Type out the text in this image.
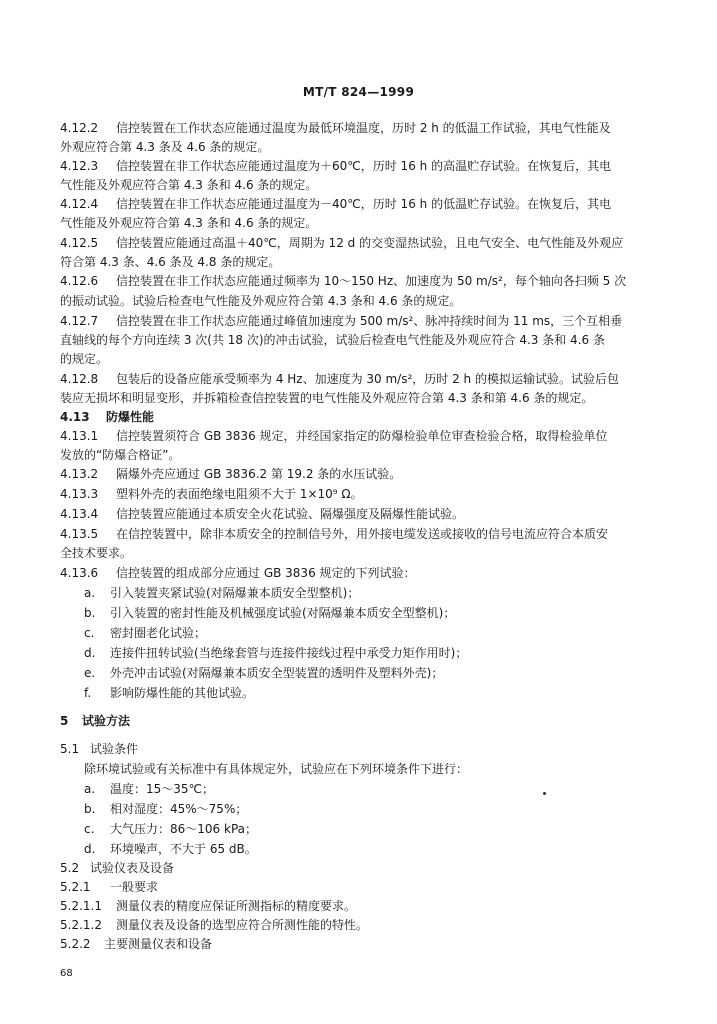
MT/T 824—1999
4.12.2 信控装置在工作状态应能通过温度为最低环境温度，历时 2 h 的低温工作试验，其电气性能及
外观应符合第 4.3 条及 4.6 条的规定。
4.12.3 信控装置在非工作状态应能通过温度为＋60℃，历时 16 h 的高温贮存试验。在恢复后，其电
气性能及外观应符合第 4.3 条和 4.6 条的规定。
4.12.4 信控装置在非工作状态应能通过温度为－40℃，历时 16 h 的低温贮存试验。在恢复后，其电
气性能及外观应符合第 4.3 条和 4.6 条的规定。
4.12.5 信控装置应能通过高温＋40℃，周期为 12 d 的交变湿热试验，且电气安全、电气性能及外观应
符合第 4.3 条、4.6 条及 4.8 条的规定。
4.12.6 信控装置在非工作状态应能通过频率为 10～150 Hz、加速度为 50 m/s²，每个轴向各扫频 5 次
的振动试验。试验后检查电气性能及外观应符合第 4.3 条和 4.6 条的规定。
4.12.7 信控装置在非工作状态应能通过峰值加速度为 500 m/s²、脉冲持续时间为 11 ms，三个互相垂
直轴线的每个方向连续 3 次(共 18 次)的冲击试验，试验后检查电气性能及外观应符合 4.3 条和 4.6 条
的规定。
4.12.8 包装后的设备应能承受频率为 4 Hz、加速度为 30 m/s²，历时 2 h 的模拟运输试验。试验后包
装应无损坏和明显变形，并拆箱检查信控装置的电气性能及外观应符合第 4.3 条和第 4.6 条的规定。
4.13 防爆性能
4.13.1 信控装置须符合 GB 3836 规定，并经国家指定的防爆检验单位审查检验合格，取得检验单位
发放的“防爆合格证”。
4.13.2 隔爆外壳应通过 GB 3836.2 第 19.2 条的水压试验。
4.13.3 塑料外壳的表面绝缘电阻须不大于 1×10⁹ Ω。
4.13.4 信控装置应能通过本质安全火花试验、隔爆强度及隔爆性能试验。
4.13.5 在信控装置中，除非本质安全的控制信号外，用外接电缆发送或接收的信号电流应符合本质安
全技术要求。
4.13.6 信控装置的组成部分应通过 GB 3836 规定的下列试验：
a. 引入装置夹紧试验(对隔爆兼本质安全型整机)；
b. 引入装置的密封性能及机械强度试验(对隔爆兼本质安全型整机)；
c. 密封圈老化试验；
d. 连接件扭转试验(当绝缘套管与连接件接线过程中承受力矩作用时)；
e. 外壳冲击试验(对隔爆兼本质安全型装置的透明件及塑料外壳)；
f. 影响防爆性能的其他试验。
5 试验方法
5.1 试验条件
除环境试验或有关标准中有具体规定外，试验应在下列环境条件下进行：
a. 温度：15～35℃；
b. 相对湿度：45%～75%；
c. 大气压力：86～106 kPa；
d. 环境噪声，不大于 65 dB。
5.2 试验仪表及设备
5.2.1 一般要求
5.2.1.1 测量仪表的精度应保证所测指标的精度要求。
5.2.1.2 测量仪表及设备的选型应符合所测性能的特性。
5.2.2 主要测量仪表和设备
68
